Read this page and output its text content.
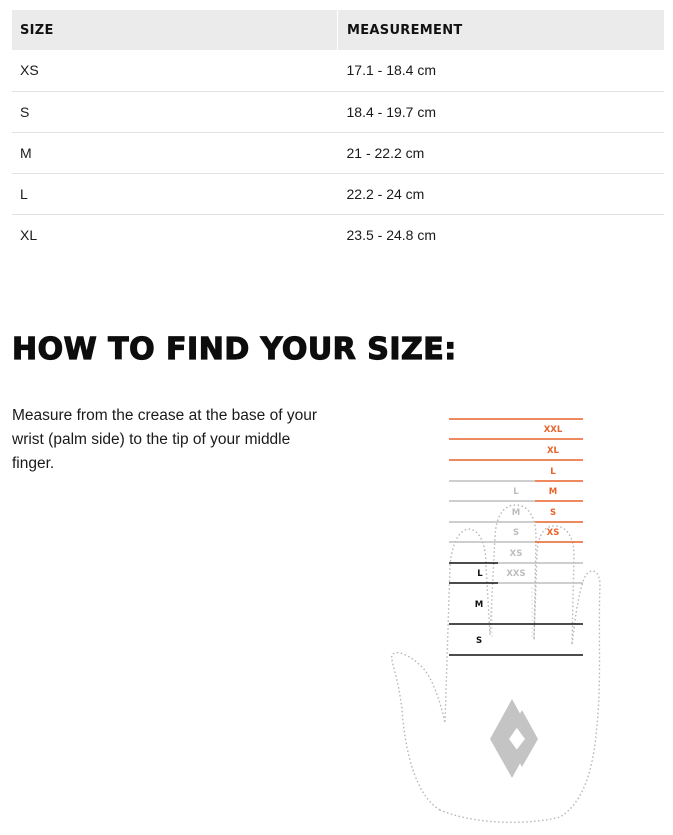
SIZE	MEASUREMENT
XS	17.1 - 18.4 cm
S	18.4 - 19.7 cm
M	21 - 22.2 cm
L	22.2 - 24 cm
XL	23.5 - 24.8 cm
HOW TO FIND YOUR SIZE:

Measure from the crease at the base of your wrist (palm side) to the tip of your middle finger.

XXL
XL
L
M
S
XS
L
M
S
XS
XXS
L
M
S
